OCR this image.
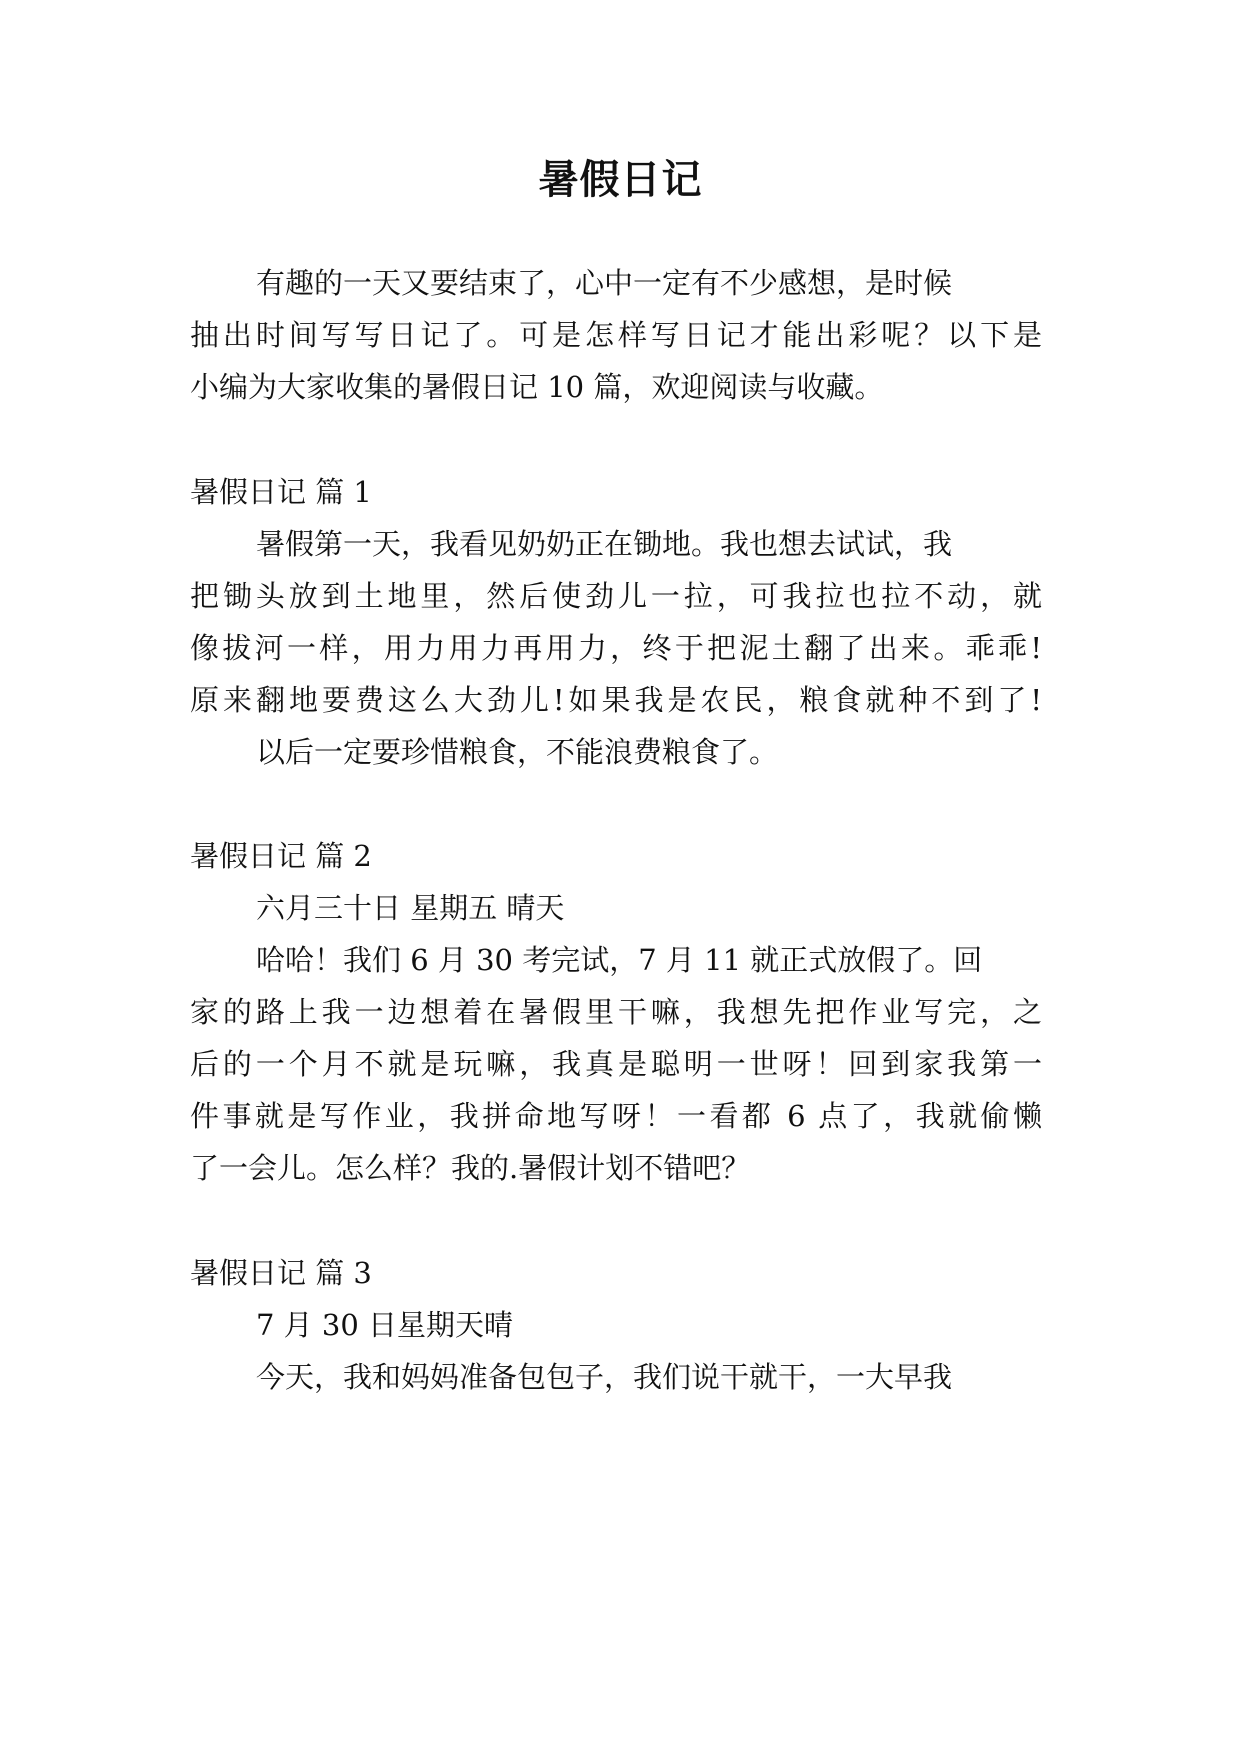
暑假日记

有趣的一天又要结束了，心中一定有不少感想，是时候

抽出时间写写日记了。可是怎样写日记才能出彩呢？以下是

小编为大家收集的暑假日记 10 篇，欢迎阅读与收藏。

暑假日记 篇 1

暑假第一天，我看见奶奶正在锄地。我也想去试试，我

把锄头放到土地里，然后使劲儿一拉，可我拉也拉不动，就

像拔河一样，用力用力再用力，终于把泥土翻了出来。乖乖!

原来翻地要费这么大劲儿!如果我是农民，粮食就种不到了!

以后一定要珍惜粮食，不能浪费粮食了。

暑假日记 篇 2

六月三十日 星期五 晴天

哈哈！我们 6 月 30 考完试，7 月 11 就正式放假了。回

家的路上我一边想着在暑假里干嘛，我想先把作业写完，之

后的一个月不就是玩嘛，我真是聪明一世呀！回到家我第一

件事就是写作业，我拼命地写呀！一看都 6 点了，我就偷懒

了一会儿。怎么样？我的.暑假计划不错吧？

暑假日记 篇 3

7 月 30 日星期天晴

今天，我和妈妈准备包包子，我们说干就干，一大早我
